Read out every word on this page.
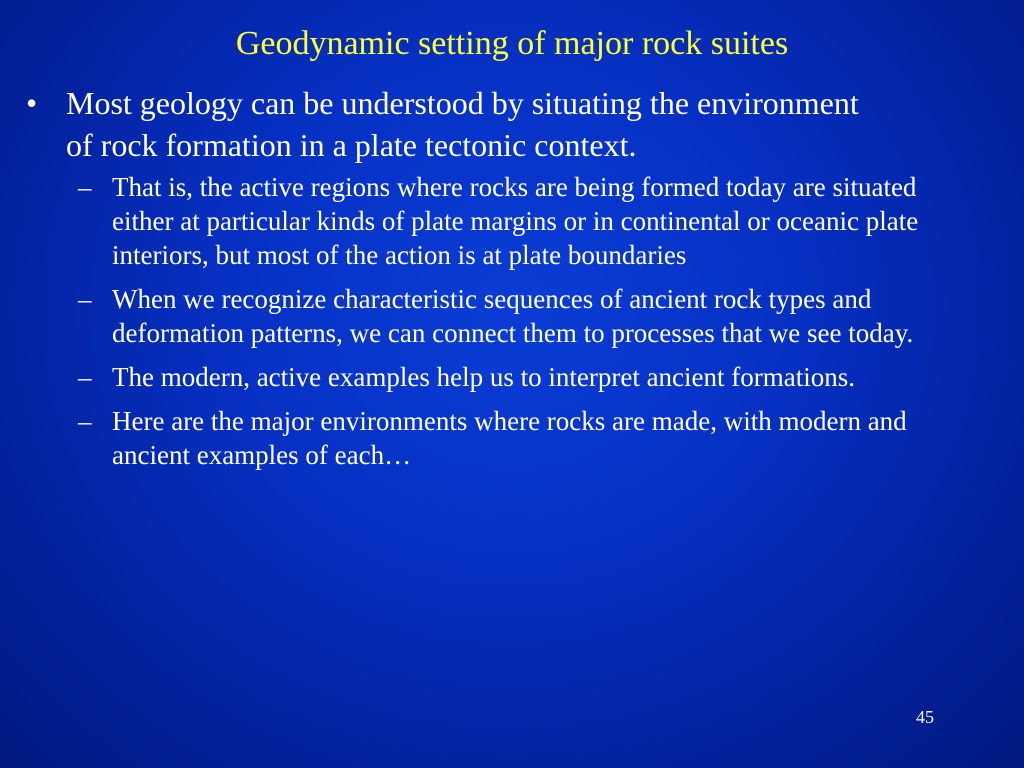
Geodynamic setting of major rock suites
• Most geology can be understood by situating the environment of rock formation in a plate tectonic context.
– That is, the active regions where rocks are being formed today are situated either at particular kinds of plate margins or in continental or oceanic plate interiors, but most of the action is at plate boundaries
– When we recognize characteristic sequences of ancient rock types and deformation patterns, we can connect them to processes that we see today.
– The modern, active examples help us to interpret ancient formations.
– Here are the major environments where rocks are made, with modern and ancient examples of each…
45
